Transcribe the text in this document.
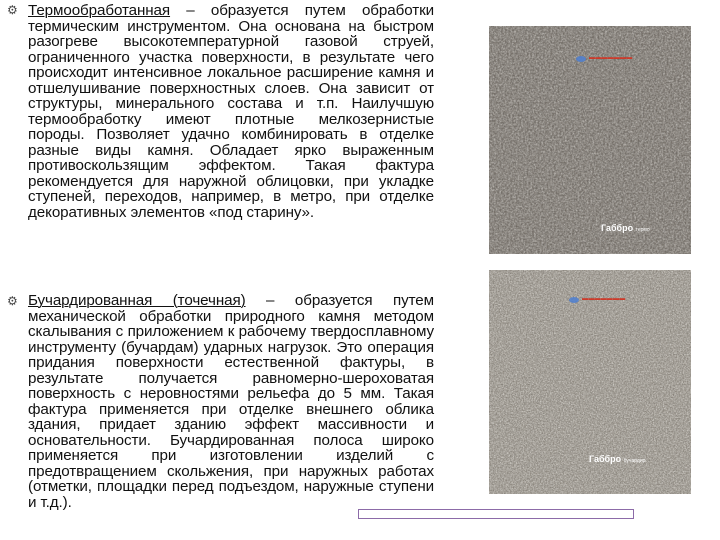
⚙ Термообработанная – образуется путем обработки термическим инструментом. Она основана на быстром разогреве высокотемпературной газовой струей, ограниченного участка поверхности, в результате чего происходит интенсивное локальное расширение камня и отшелушивание поверхностных слоев. Она зависит от структуры, минерального состава и т.п. Наилучшую термообработку имеют плотные мелкозернистые породы. Позволяет удачно комбинировать в отделке разные виды камня. Обладает ярко выраженным противоскользящим эффектом. Такая фактура рекомендуется для наружной облицовки, при укладке ступеней, переходов, например, в метро, при отделке декоративных элементов «под старину».

⚙ Бучардированная (точечная) – образуется путем механической обработки природного камня методом скалывания с приложением к рабочему твердосплавному инструменту (бучардам) ударных нагрузок. Это операция придания поверхности естественной фактуры, в результате получается равномерно-шероховатая поверхность с неровностями рельефа до 5 мм. Такая фактура применяется при отделке внешнего облика здания, придает зданию эффект массивности и основательности. Бучардированная полоса широко применяется при изготовлении изделий с предотвращением скольжения, при наружных работах (отметки, площадки перед подъездом, наружные ступени и т.д.).

▬▬▬▬▬▬▬
Габбро термо
▬▬▬▬▬▬▬
Габбро бучардир.
